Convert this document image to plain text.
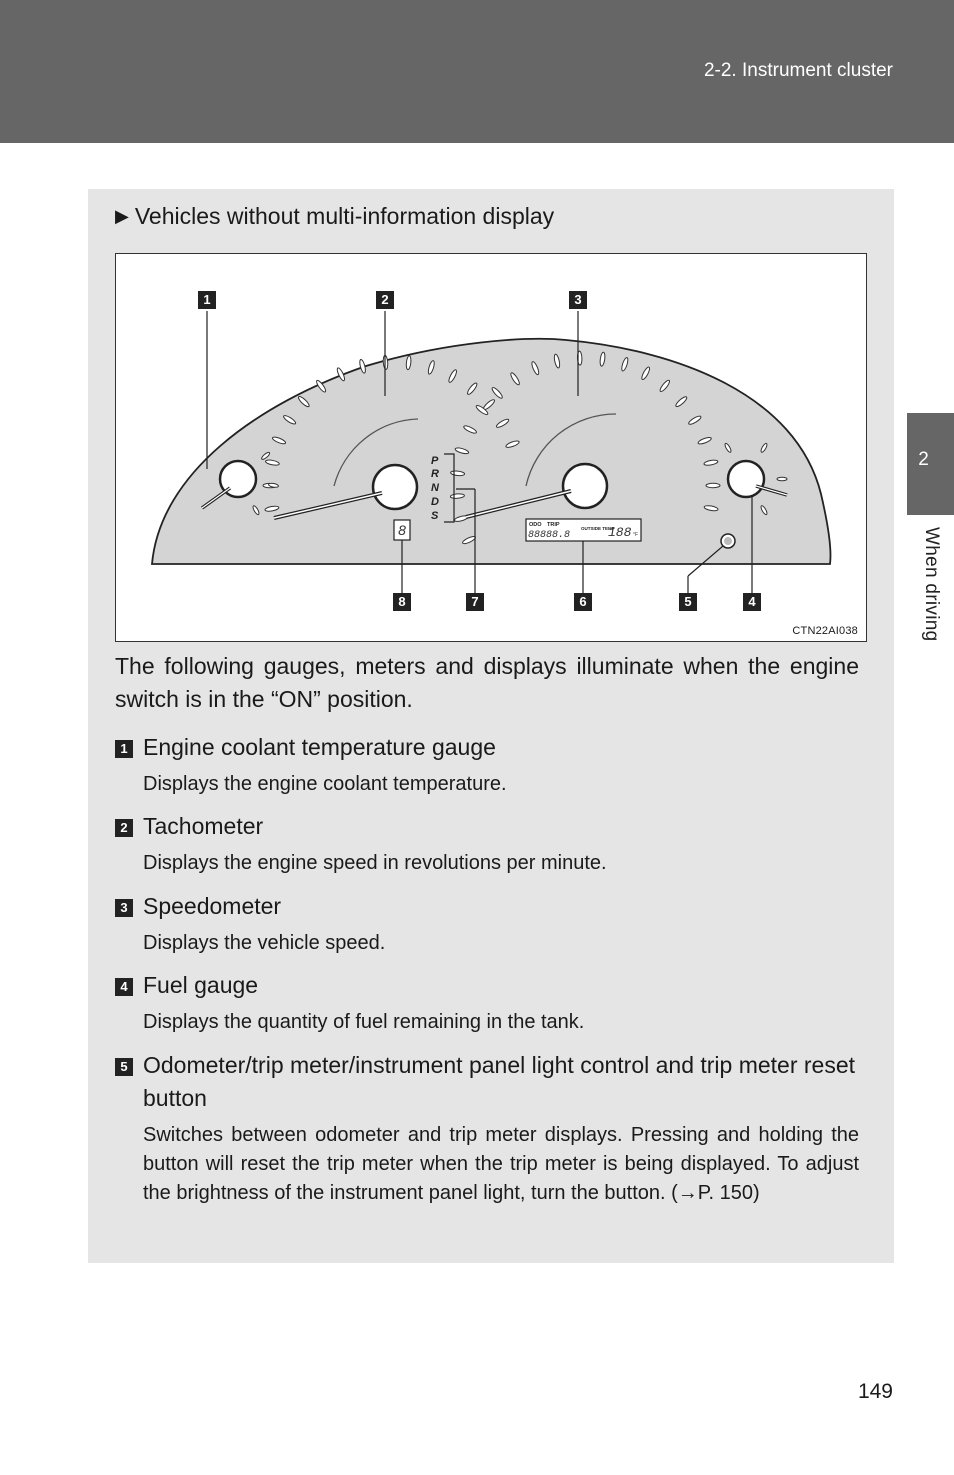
2-2. Instrument cluster
2
When driving
▶ Vehicles without multi-information display
P
R
N
D
S
8	ODO TRIP
88888.8
OUTSIDE TEMP
188 °F
1	2	3
4
5
6
7
8
CTN22AI038
The following gauges, meters and displays illuminate when the engine switch is in the “ON” position.
1 Engine coolant temperature gauge
Displays the engine coolant temperature.
2 Tachometer
Displays the engine speed in revolutions per minute.
3 Speedometer
Displays the vehicle speed.
4 Fuel gauge
Displays the quantity of fuel remaining in the tank.
5 Odometer/trip meter/instrument panel light control and trip meter reset button
Switches between odometer and trip meter displays. Pressing and holding the button will reset the trip meter when the trip meter is being displayed. To adjust the brightness of the instrument panel light, turn the button. (→P. 150)
149
